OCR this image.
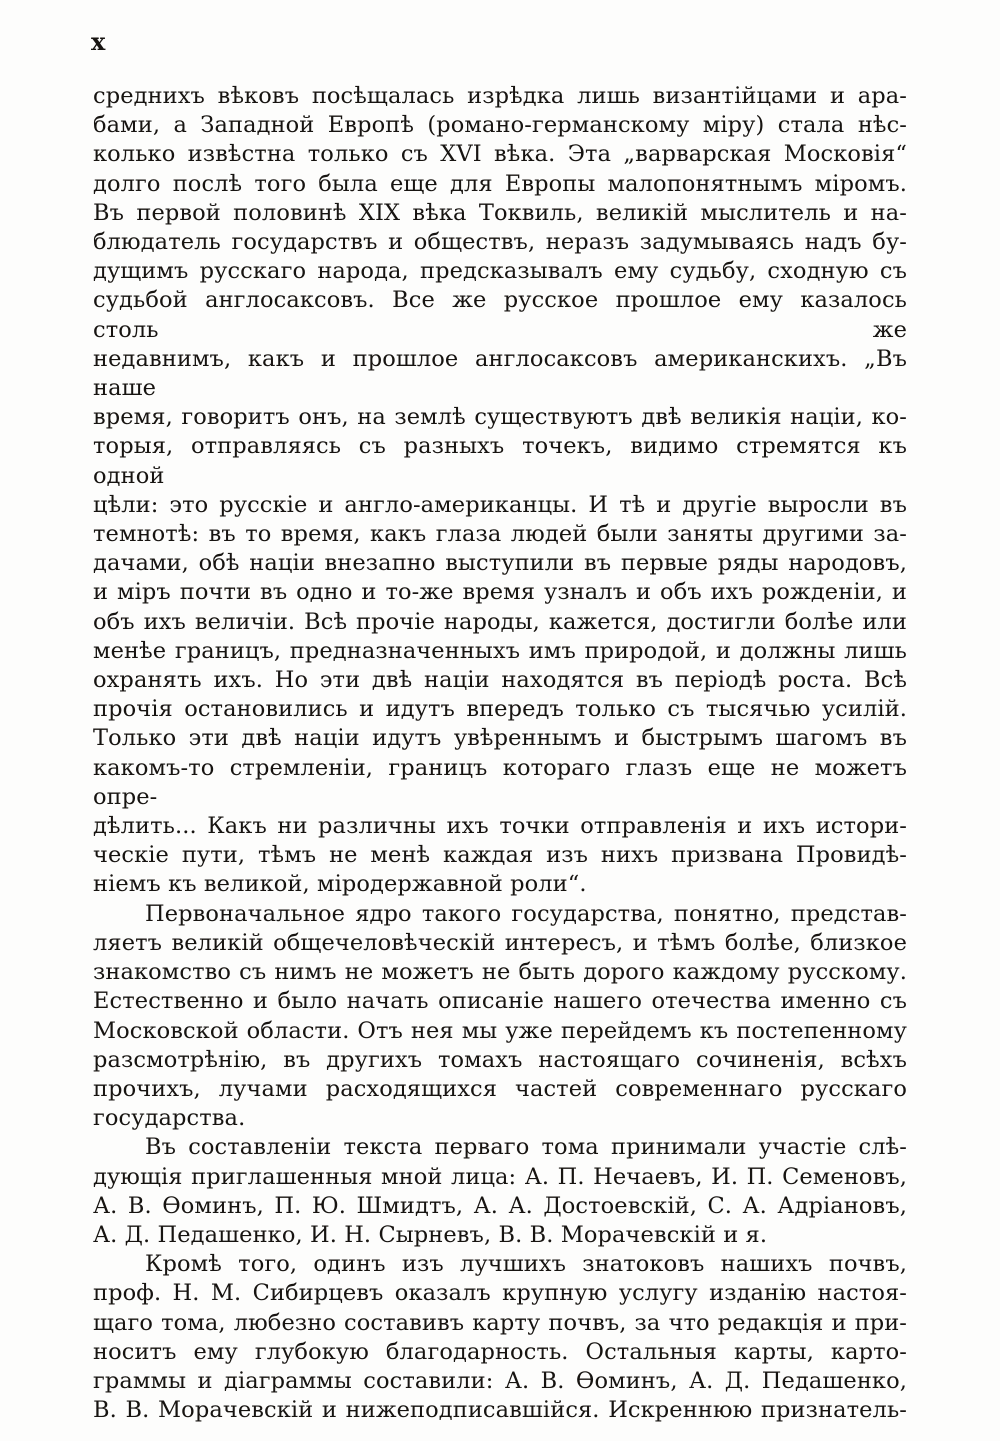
x
среднихъ вѣковъ посѣщалась изрѣдка лишь византійцами и ара-
бами, а Западной Европѣ (романо-германскому міру) стала нѣс-
колько извѣстна только съ XVI вѣка. Эта „варварская Московія“
долго послѣ того была еще для Европы малопонятнымъ міромъ.
Въ первой половинѣ XIX вѣка Токвиль, великій мыслитель и на-
блюдатель государствъ и обществъ, неразъ задумываясь надъ бу-
дущимъ русскаго народа, предсказывалъ ему судьбу, сходную съ
судьбой англосаксовъ. Все же русское прошлое ему казалось столь же
недавнимъ, какъ и прошлое англосаксовъ американскихъ. „Въ наше
время, говоритъ онъ, на землѣ существуютъ двѣ великія націи, ко-
торыя, отправляясь съ разныхъ точекъ, видимо стремятся къ одной
цѣли: это русскіе и англо-американцы. И тѣ и другіе выросли въ
темнотѣ: въ то время, какъ глаза людей были заняты другими за-
дачами, обѣ націи внезапно выступили въ первые ряды народовъ,
и міръ почти въ одно и то-же время узналъ и объ ихъ рожденіи, и
объ ихъ величіи. Всѣ прочіе народы, кажется, достигли болѣе или
менѣе границъ, предназначенныхъ имъ природой, и должны лишь
охранять ихъ. Но эти двѣ націи находятся въ періодѣ роста. Всѣ
прочія остановились и идутъ впередъ только съ тысячью усилій.
Только эти двѣ націи идутъ увѣреннымъ и быстрымъ шагомъ въ
какомъ-то стремленіи, границъ котораго глазъ еще не можетъ опре-
дѣлить... Какъ ни различны ихъ точки отправленія и ихъ истори-
ческіе пути, тѣмъ не менѣ каждая изъ нихъ призвана Провидѣ-
ніемъ къ великой, міродержавной роли“.
Первоначальное ядро такого государства, понятно, представ-
ляетъ великій общечеловѣческій интересъ, и тѣмъ болѣе, близкое
знакомство съ нимъ не можетъ не быть дорого каждому русскому.
Естественно и было начать описаніе нашего отечества именно съ
Московской области. Отъ нея мы уже перейдемъ къ постепенному
разсмотрѣнію, въ другихъ томахъ настоящаго сочиненія, всѣхъ
прочихъ, лучами расходящихся частей современнаго русскаго
государства.
Въ составленіи текста перваго тома принимали участіе слѣ-
дующія приглашенныя мной лица: А. П. Нечаевъ, И. П. Семеновъ,
А. В. Ѳоминъ, П. Ю. Шмидтъ, А. А. Достоевскій, С. А. Адріановъ,
А. Д. Педашенко, И. Н. Сырневъ, В. В. Морачевскій и я.
Кромѣ того, одинъ изъ лучшихъ знатоковъ нашихъ почвъ,
проф. Н. М. Сибирцевъ оказалъ крупную услугу изданію настоя-
щаго тома, любезно составивъ карту почвъ, за что редакція и при-
носитъ ему глубокую благодарность. Остальныя карты, карто-
граммы и діаграммы составили: А. В. Ѳоминъ, А. Д. Педашенко,
В. В. Морачевскій и нижеподписавшійся. Искреннюю признатель-
